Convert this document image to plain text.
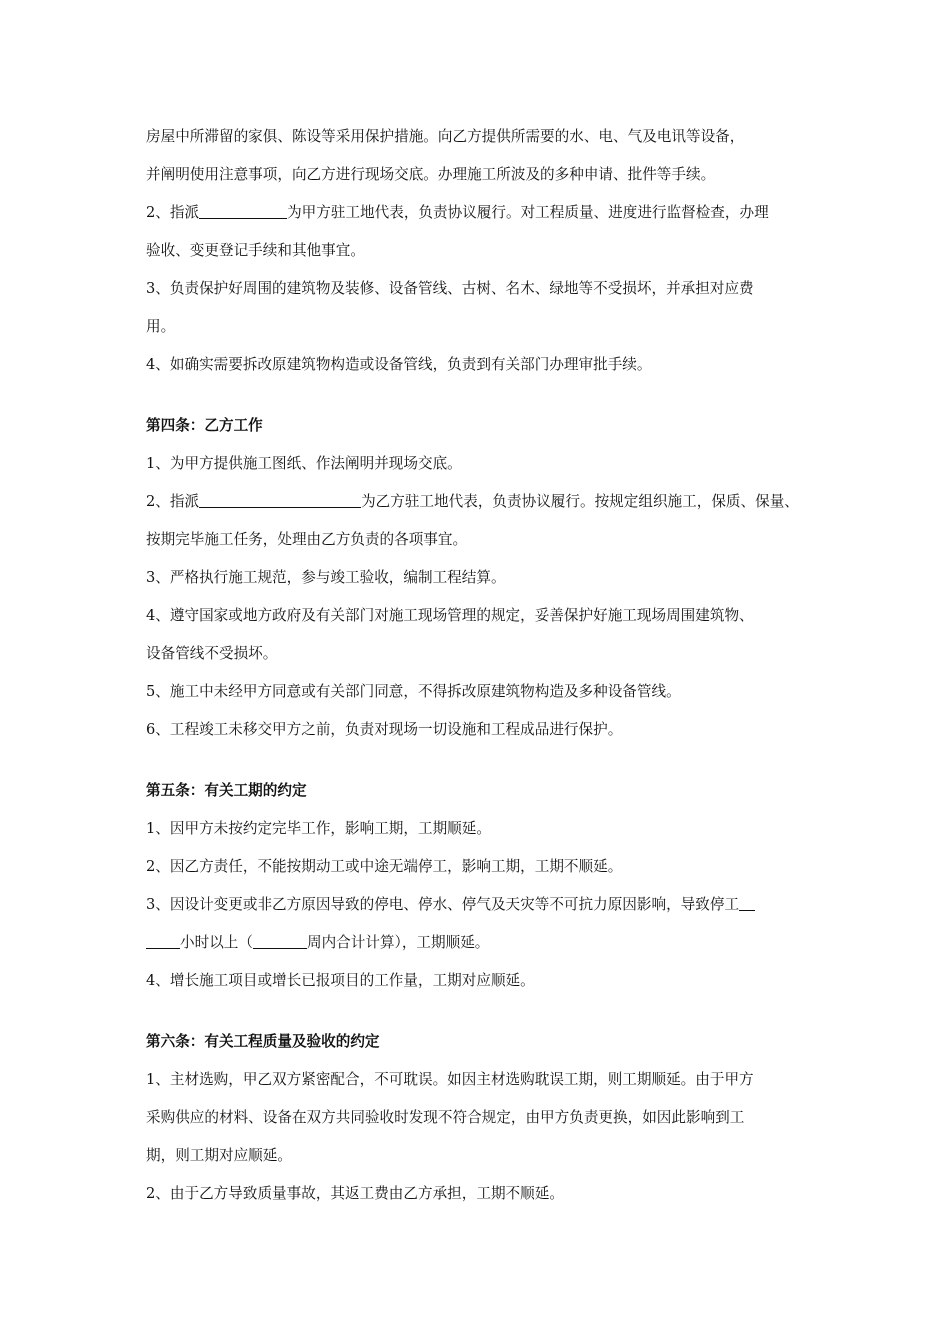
房屋中所滞留的家俱、陈设等采用保护措施。向乙方提供所需要的水、电、气及电讯等设备，

并阐明使用注意事项，向乙方进行现场交底。办理施工所波及的多种申请、批件等手续。

2、指派	为甲方驻工地代表，负责协议履行。对工程质量、进度进行监督检查，办理

验收、变更登记手续和其他事宜。

3、负责保护好周围的建筑物及装修、设备管线、古树、名木、绿地等不受损坏，并承担对应费

用。

4、如确实需要拆改原建筑物构造或设备管线，负责到有关部门办理审批手续。

第四条：乙方工作

1、为甲方提供施工图纸、作法阐明并现场交底。

2、指派	为乙方驻工地代表，负责协议履行。按规定组织施工，保质、保量、

按期完毕施工任务，处理由乙方负责的各项事宜。

3、严格执行施工规范，参与竣工验收，编制工程结算。

4、遵守国家或地方政府及有关部门对施工现场管理的规定，妥善保护好施工现场周围建筑物、

设备管线不受损坏。

5、施工中未经甲方同意或有关部门同意，不得拆改原建筑物构造及多种设备管线。

6、工程竣工未移交甲方之前，负责对现场一切设施和工程成品进行保护。

第五条：有关工期的约定

1、因甲方未按约定完毕工作，影响工期，工期顺延。

2、因乙方责任，不能按期动工或中途无端停工，影响工期，工期不顺延。

3、因设计变更或非乙方原因导致的停电、停水、停气及天灾等不可抗力原因影响，导致停工

小时以上（	周内合计计算），工期顺延。

4、增长施工项目或增长已报项目的工作量，工期对应顺延。

第六条：有关工程质量及验收的约定

1、主材选购，甲乙双方紧密配合，不可耽误。如因主材选购耽误工期，则工期顺延。由于甲方

采购供应的材料、设备在双方共同验收时发现不符合规定，由甲方负责更换，如因此影响到工

期，则工期对应顺延。

2、由于乙方导致质量事故，其返工费由乙方承担，工期不顺延。
